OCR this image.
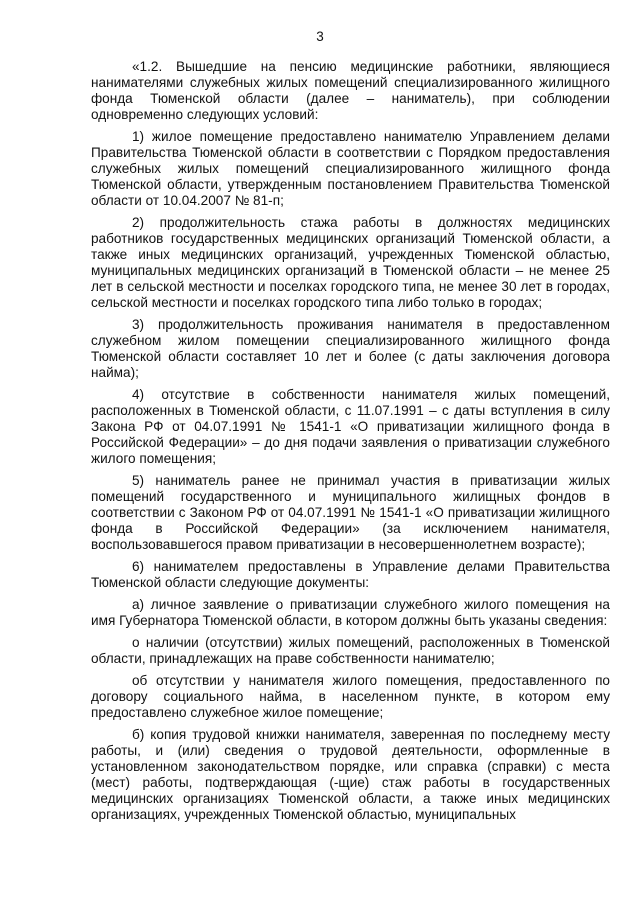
3

«1.2. Вышедшие на пенсию медицинские работники, являющиеся нанимателями служебных жилых помещений специализированного жилищного фонда Тюменской области (далее – наниматель), при соблюдении одновременно следующих условий:

1) жилое помещение предоставлено нанимателю Управлением делами Правительства Тюменской области в соответствии с Порядком предоставления служебных жилых помещений специализированного жилищного фонда Тюменской области, утвержденным постановлением Правительства Тюменской области от 10.04.2007 № 81-п;

2) продолжительность стажа работы в должностях медицинских работников государственных медицинских организаций Тюменской области, а также иных медицинских организаций, учрежденных Тюменской областью, муниципальных медицинских организаций в Тюменской области – не менее 25 лет в сельской местности и поселках городского типа, не менее 30 лет в городах, сельской местности и поселках городского типа либо только в городах;

3) продолжительность проживания нанимателя в предоставленном служебном жилом помещении специализированного жилищного фонда Тюменской области составляет 10 лет и более (с даты заключения договора найма);

4) отсутствие в собственности нанимателя жилых помещений, расположенных в Тюменской области, с 11.07.1991 – с даты вступления в силу Закона РФ от 04.07.1991 № 1541-1 «О приватизации жилищного фонда в Российской Федерации» – до дня подачи заявления о приватизации служебного жилого помещения;

5) наниматель ранее не принимал участия в приватизации жилых помещений государственного и муниципального жилищных фондов в соответствии с Законом РФ от 04.07.1991 № 1541-1 «О приватизации жилищного фонда в Российской Федерации» (за исключением нанимателя, воспользовавшегося правом приватизации в несовершеннолетнем возрасте);

6) нанимателем предоставлены в Управление делами Правительства Тюменской области следующие документы:

а) личное заявление о приватизации служебного жилого помещения на имя Губернатора Тюменской области, в котором должны быть указаны сведения:

о наличии (отсутствии) жилых помещений, расположенных в Тюменской области, принадлежащих на праве собственности нанимателю;

об отсутствии у нанимателя жилого помещения, предоставленного по договору социального найма, в населенном пункте, в котором ему предоставлено служебное жилое помещение;

б) копия трудовой книжки нанимателя, заверенная по последнему месту работы, и (или) сведения о трудовой деятельности, оформленные в установленном законодательством порядке, или справка (справки) с места (мест) работы, подтверждающая (-щие) стаж работы в государственных медицинских организациях Тюменской области, а также иных медицинских организациях, учрежденных Тюменской областью, муниципальных
